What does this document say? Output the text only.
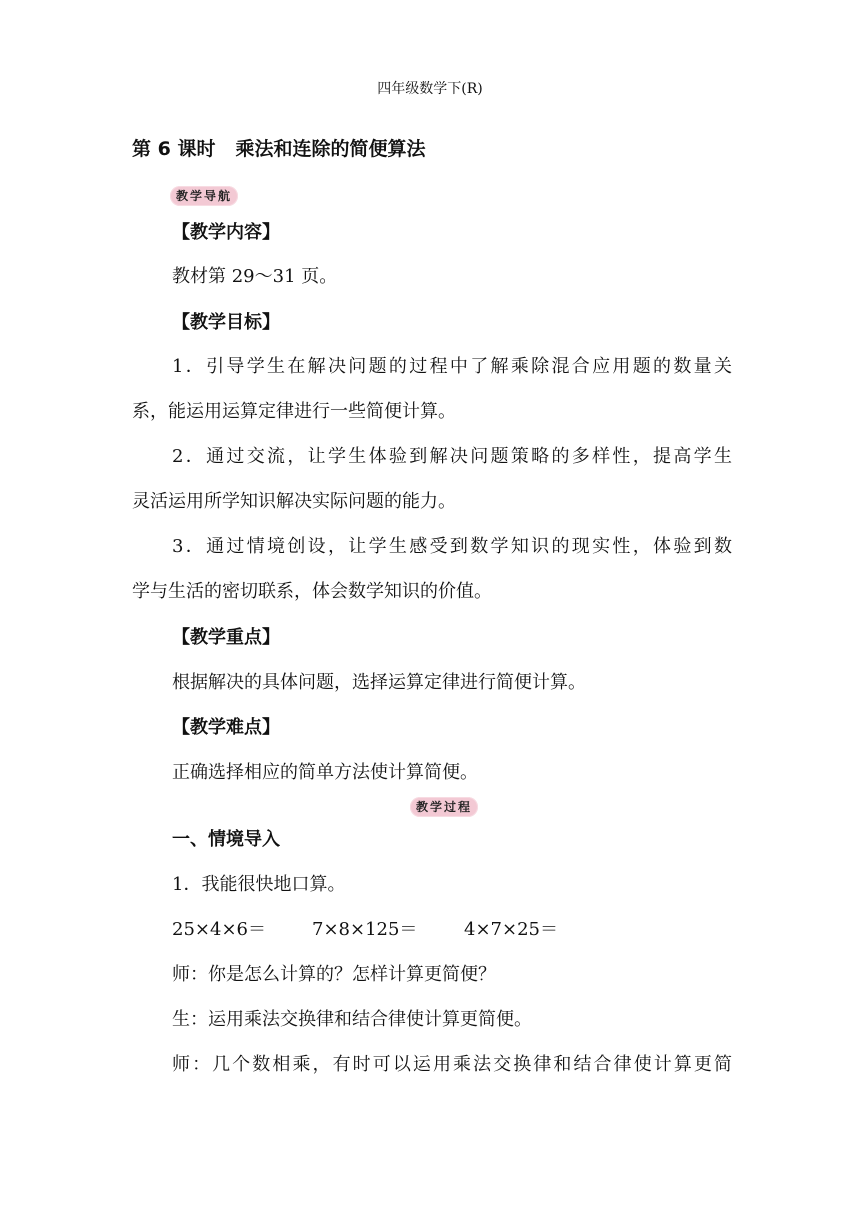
四年级数学下(R)
第 6 课时 乘法和连除的简便算法
教学导航
【教学内容】
教材第 29～31 页。
【教学目标】
1．引导学生在解决问题的过程中了解乘除混合应用题的数量关
系，能运用运算定律进行一些简便计算。
2．通过交流，让学生体验到解决问题策略的多样性，提高学生
灵活运用所学知识解决实际问题的能力。
3．通过情境创设，让学生感受到数学知识的现实性，体验到数
学与生活的密切联系，体会数学知识的价值。
【教学重点】
根据解决的具体问题，选择运算定律进行简便计算。
【教学难点】
正确选择相应的简单方法使计算简便。
教学过程
一、情境导入
1．我能很快地口算。
25×4×6＝	7×8×125＝	4×7×25＝
师：你是怎么计算的？怎样计算更简便？
生：运用乘法交换律和结合律使计算更简便。
师：几个数相乘，有时可以运用乘法交换律和结合律使计算更简
